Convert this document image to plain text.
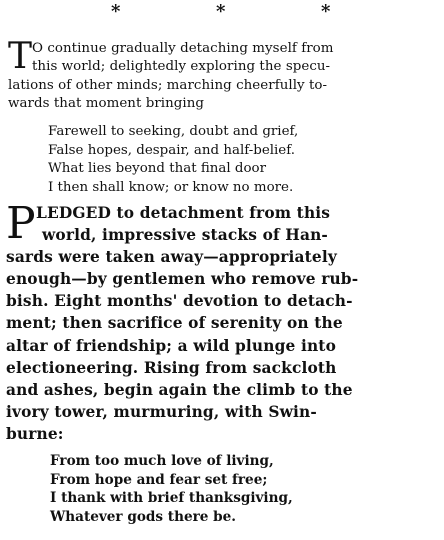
*	*	*
T O continue gradually detaching myself from
this world; delightedly exploring the specu-
lations of other minds; marching cheerfully to-
wards that moment bringing
Farewell to seeking, doubt and grief,
False hopes, despair, and half-belief.
What lies beyond that final door
I then shall know; or know no more.
P LEDGED to detachment from this
world, impressive stacks of Han-
sards were taken away—appropriately
enough—by gentlemen who remove rub-
bish. Eight months' devotion to detach-
ment; then sacrifice of serenity on the
altar of friendship; a wild plunge into
electioneering. Rising from sackcloth
and ashes, begin again the climb to the
ivory tower, murmuring, with Swin-
burne:
From too much love of living,
From hope and fear set free;
I thank with brief thanksgiving,
Whatever gods there be.
